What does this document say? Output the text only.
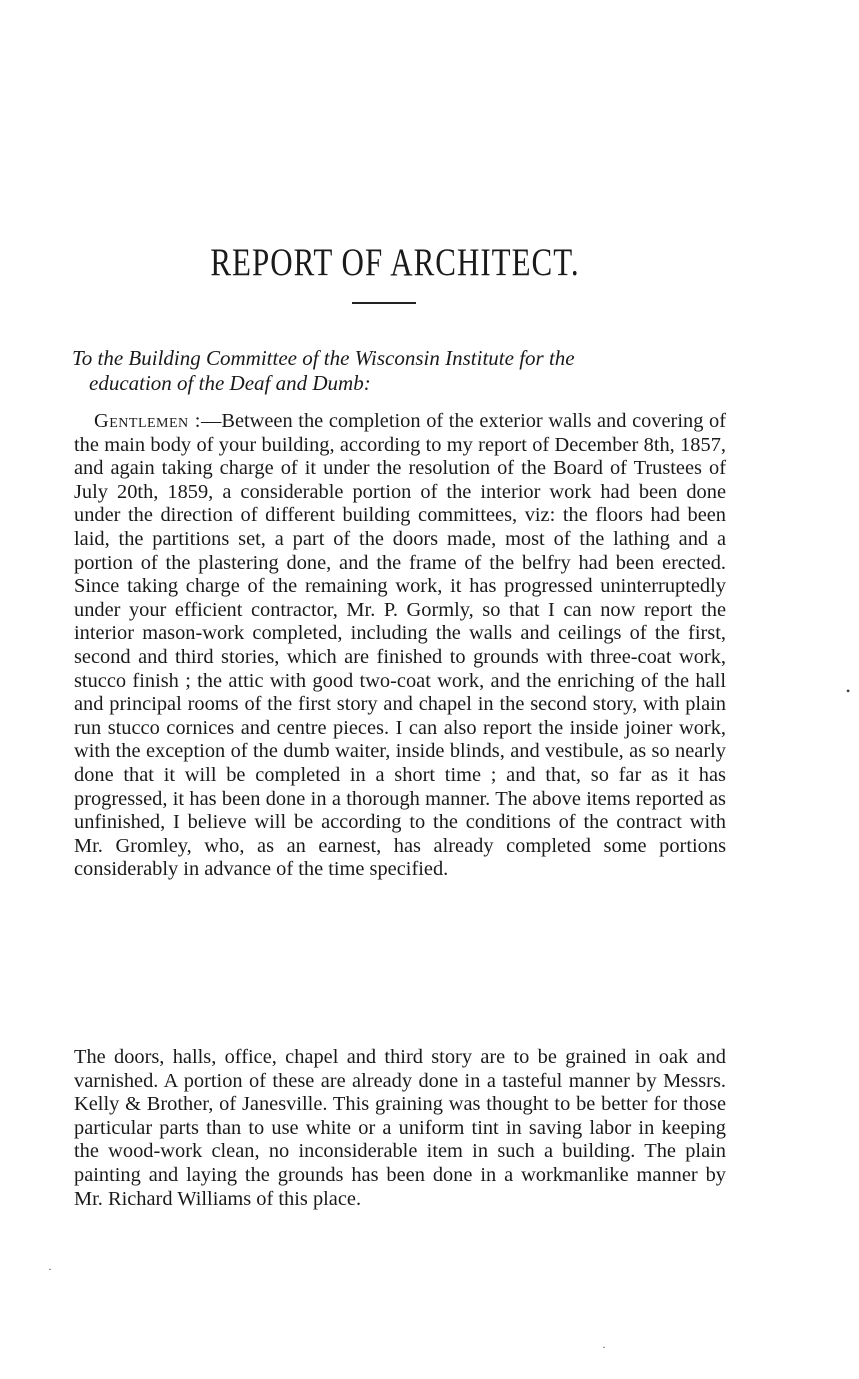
REPORT OF ARCHITECT.
To the Building Committee of the Wisconsin Institute for the
education of the Deaf and Dumb:
Gentlemen :—Between the completion of the exterior walls and covering of the main body of your building, according to my report of December 8th, 1857, and again taking charge of it under the resolution of the Board of Trustees of July 20th, 1859, a considerable portion of the interior work had been done under the direction of different building committees, viz: the floors had been laid, the partitions set, a part of the doors made, most of the lathing and a portion of the plastering done, and the frame of the belfry had been erected. Since taking charge of the remaining work, it has progressed uninterruptedly under your efficient contractor, Mr. P. Gormly, so that I can now report the interior mason-work completed, including the walls and ceilings of the first, second and third stories, which are finished to grounds with three-coat work, stucco finish ; the attic with good two-coat work, and the enriching of the hall and principal rooms of the first story and chapel in the second story, with plain run stucco cornices and centre pieces. I can also report the inside joiner work, with the exception of the dumb waiter, inside blinds, and vestibule, as so nearly done that it will be completed in a short time ; and that, so far as it has progressed, it has been done in a thorough manner. The above items reported as unfinished, I believe will be according to the conditions of the contract with Mr. Gromley, who, as an earnest, has already completed some portions considerably in advance of the time specified.
The doors, halls, office, chapel and third story are to be grained in oak and varnished. A portion of these are already done in a tasteful manner by Messrs. Kelly & Brother, of Janesville. This graining was thought to be better for those particular parts than to use white or a uniform tint in saving labor in keeping the wood-work clean, no inconsiderable item in such a building. The plain painting and laying the grounds has been done in a workmanlike manner by Mr. Richard Williams of this place.
•
·
·
